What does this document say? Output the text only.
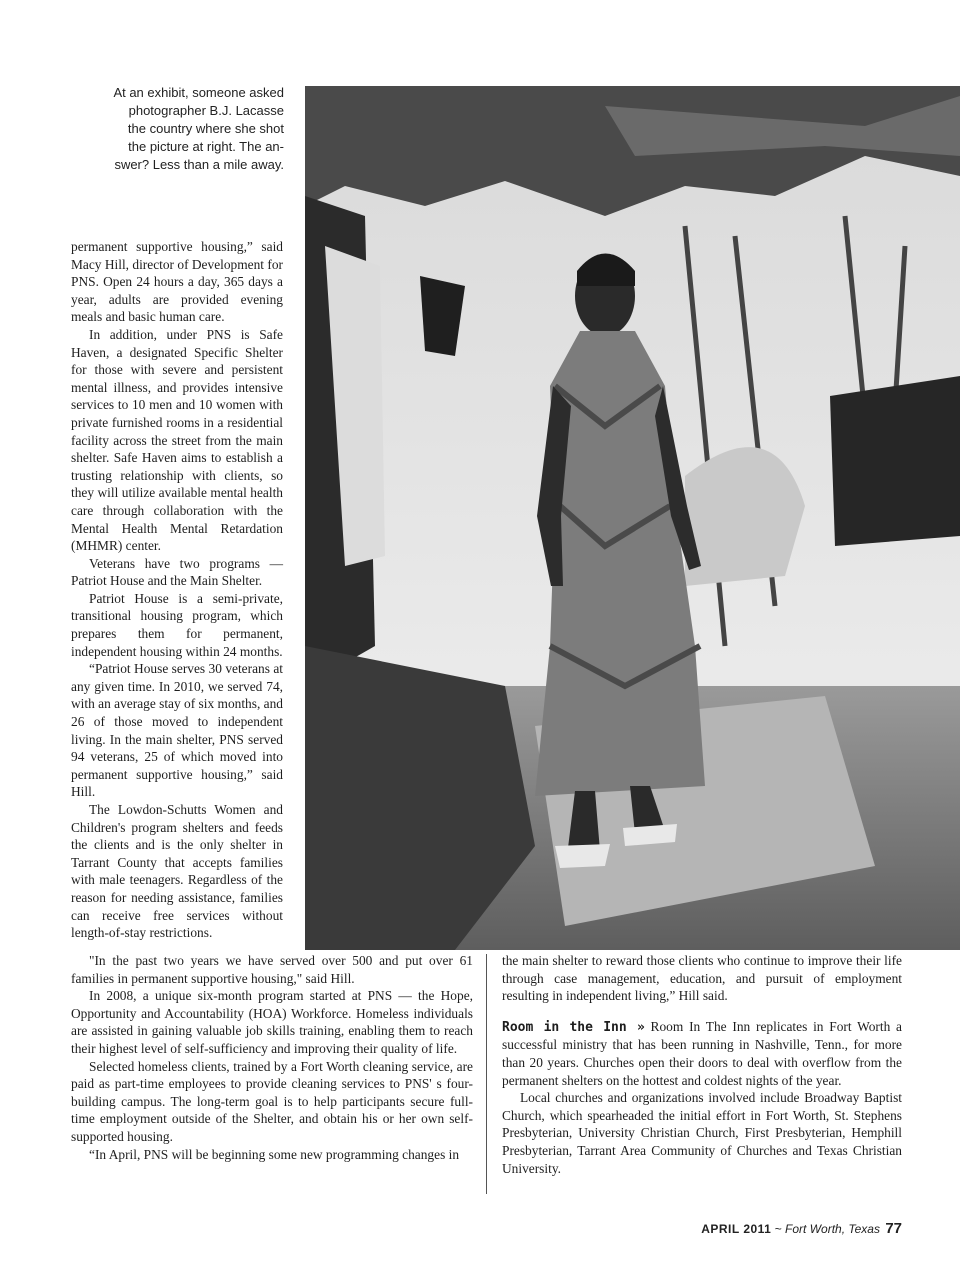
At an exhibit, someone asked
photographer B.J. Lacasse
the country where she shot
the picture at right. The an-
swer? Less than a mile away.

permanent supportive housing,” said Macy Hill, director of Development for PNS. Open 24 hours a day, 365 days a year, adults are provided evening meals and basic human care.

In addition, under PNS is Safe Haven, a designated Specific Shelter for those with severe and persistent mental illness, and provides intensive services to 10 men and 10 women with private furnished rooms in a residential facility across the street from the main shelter. Safe Haven aims to establish a trusting relationship with clients, so they will utilize available mental health care through collaboration with the Mental Health Mental Retardation (MHMR) center.

Veterans have two programs — Patriot House and the Main Shelter.

Patriot House is a semi-private, transitional housing program, which prepares them for permanent, independent housing within 24 months.

“Patriot House serves 30 veterans at any given time. In 2010, we served 74, with an average stay of six months, and 26 of those moved to independent living. In the main shelter, PNS served 94 veterans, 25 of which moved into permanent supportive housing,” said Hill.

The Lowdon-Schutts Women and Children's program shelters and feeds the clients and is the only shelter in Tarrant County that accepts families with male teenagers. Regardless of the reason for needing assistance, families can receive free services without length-of-stay restrictions.

"In the past two years we have served over 500 and put over 61 families in permanent supportive housing," said Hill.

In 2008, a unique six-month program started at PNS — the Hope, Opportunity and Accountability (HOA) Workforce. Homeless individuals are assisted in gaining valuable job skills training, enabling them to reach their highest level of self-sufficiency and improving their quality of life.

Selected homeless clients, trained by a Fort Worth cleaning service, are paid as part-time employees to provide cleaning services to PNS' s four-building campus. The long-term goal is to help participants secure full-time employment outside of the Shelter, and obtain his or her own self-supported housing.

“In April, PNS will be beginning some new programming changes in

the main shelter to reward those clients who continue to improve their life through case management, education, and pursuit of employment resulting in independent living,” Hill said.

Room in the Inn » Room In The Inn replicates in Fort Worth a successful ministry that has been running in Nashville, Tenn., for more than 20 years. Churches open their doors to deal with overflow from the permanent shelters on the hottest and coldest nights of the year.

Local churches and organizations involved include Broadway Baptist Church, which spearheaded the initial effort in Fort Worth, St. Stephens Presbyterian, University Christian Church, First Presbyterian, Hemphill Presbyterian, Tarrant Area Community of Churches and Texas Christian University.

APRIL 2011 ~ Fort Worth, Texas 77
